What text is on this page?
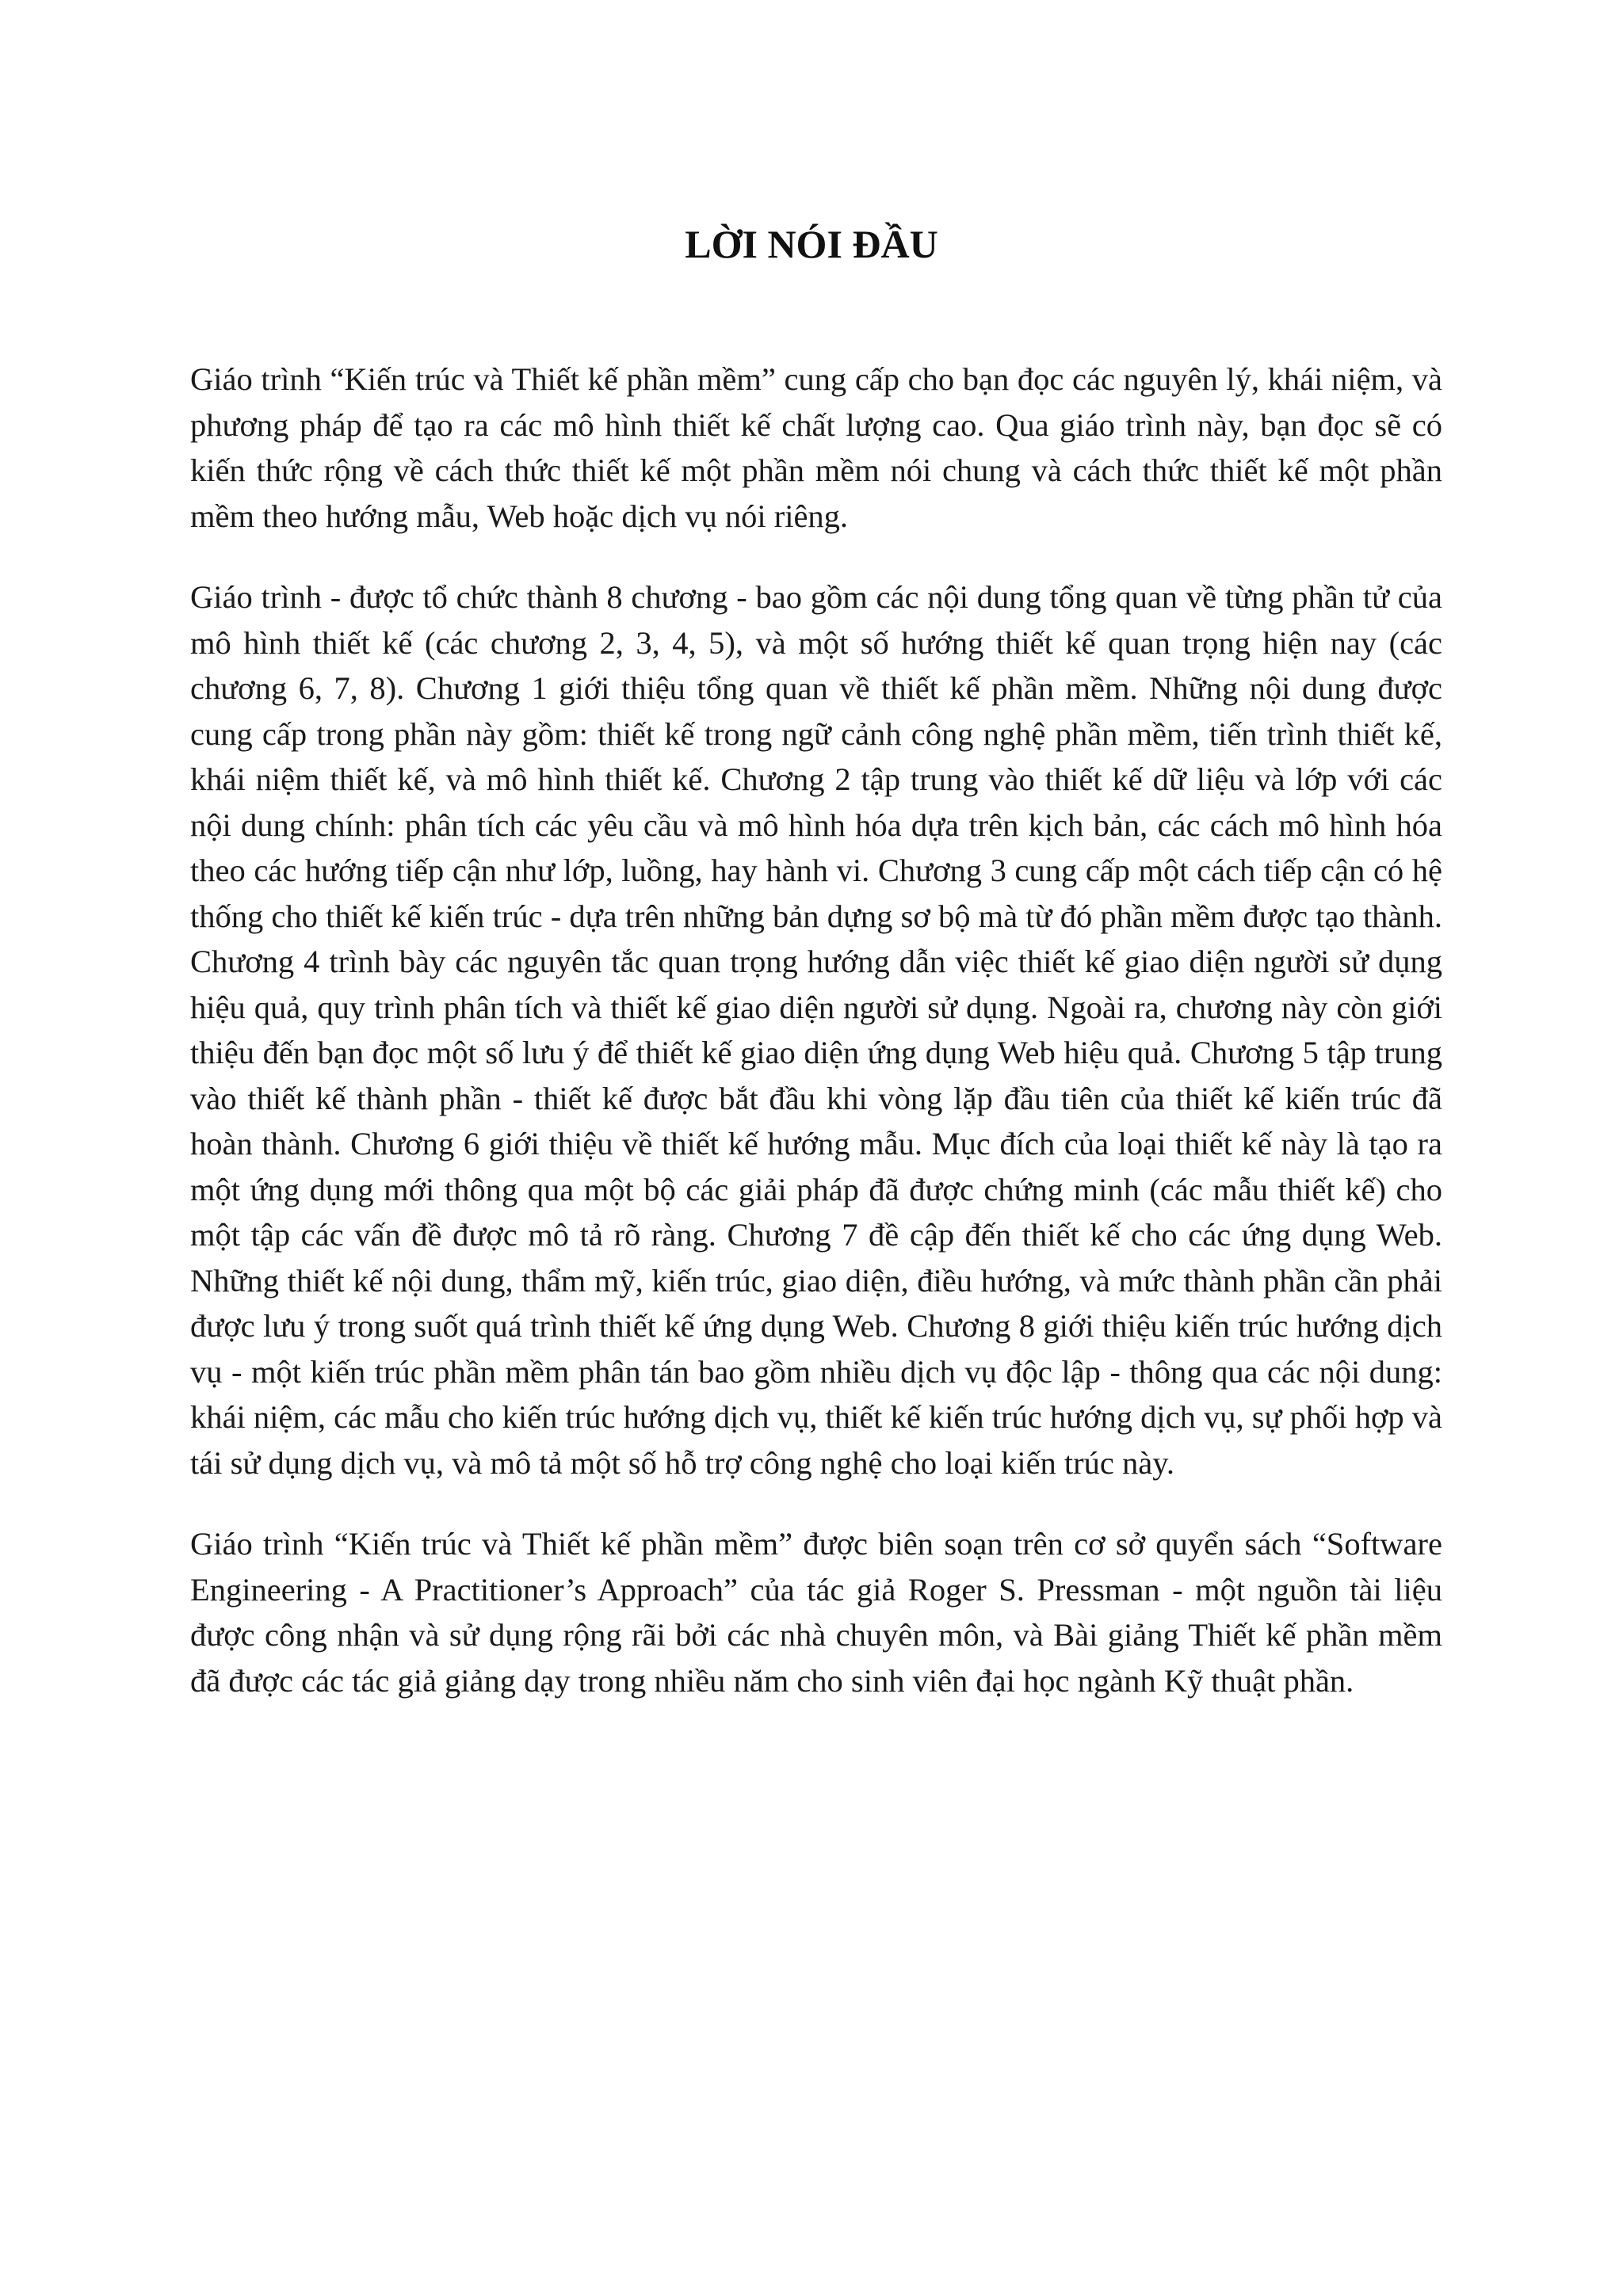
LỜI NÓI ĐẦU

Giáo trình “Kiến trúc và Thiết kế phần mềm” cung cấp cho bạn đọc các nguyên lý, khái niệm, và phương pháp để tạo ra các mô hình thiết kế chất lượng cao. Qua giáo trình này, bạn đọc sẽ có kiến thức rộng về cách thức thiết kế một phần mềm nói chung và cách thức thiết kế một phần mềm theo hướng mẫu, Web hoặc dịch vụ nói riêng.

Giáo trình - được tổ chức thành 8 chương - bao gồm các nội dung tổng quan về từng phần tử của mô hình thiết kế (các chương 2, 3, 4, 5), và một số hướng thiết kế quan trọng hiện nay (các chương 6, 7, 8). Chương 1 giới thiệu tổng quan về thiết kế phần mềm. Những nội dung được cung cấp trong phần này gồm: thiết kế trong ngữ cảnh công nghệ phần mềm, tiến trình thiết kế, khái niệm thiết kế, và mô hình thiết kế. Chương 2 tập trung vào thiết kế dữ liệu và lớp với các nội dung chính: phân tích các yêu cầu và mô hình hóa dựa trên kịch bản, các cách mô hình hóa theo các hướng tiếp cận như lớp, luồng, hay hành vi. Chương 3 cung cấp một cách tiếp cận có hệ thống cho thiết kế kiến trúc - dựa trên những bản dựng sơ bộ mà từ đó phần mềm được tạo thành. Chương 4 trình bày các nguyên tắc quan trọng hướng dẫn việc thiết kế giao diện người sử dụng hiệu quả, quy trình phân tích và thiết kế giao diện người sử dụng. Ngoài ra, chương này còn giới thiệu đến bạn đọc một số lưu ý để thiết kế giao diện ứng dụng Web hiệu quả. Chương 5 tập trung vào thiết kế thành phần - thiết kế được bắt đầu khi vòng lặp đầu tiên của thiết kế kiến trúc đã hoàn thành. Chương 6 giới thiệu về thiết kế hướng mẫu. Mục đích của loại thiết kế này là tạo ra một ứng dụng mới thông qua một bộ các giải pháp đã được chứng minh (các mẫu thiết kế) cho một tập các vấn đề được mô tả rõ ràng. Chương 7 đề cập đến thiết kế cho các ứng dụng Web. Những thiết kế nội dung, thẩm mỹ, kiến trúc, giao diện, điều hướng, và mức thành phần cần phải được lưu ý trong suốt quá trình thiết kế ứng dụng Web. Chương 8 giới thiệu kiến trúc hướng dịch vụ - một kiến trúc phần mềm phân tán bao gồm nhiều dịch vụ độc lập - thông qua các nội dung: khái niệm, các mẫu cho kiến trúc hướng dịch vụ, thiết kế kiến trúc hướng dịch vụ, sự phối hợp và tái sử dụng dịch vụ, và mô tả một số hỗ trợ công nghệ cho loại kiến trúc này.

Giáo trình “Kiến trúc và Thiết kế phần mềm” được biên soạn trên cơ sở quyển sách “Software Engineering - A Practitioner’s Approach” của tác giả Roger S. Pressman - một nguồn tài liệu được công nhận và sử dụng rộng rãi bởi các nhà chuyên môn, và Bài giảng Thiết kế phần mềm đã được các tác giả giảng dạy trong nhiều năm cho sinh viên đại học ngành Kỹ thuật phần.
